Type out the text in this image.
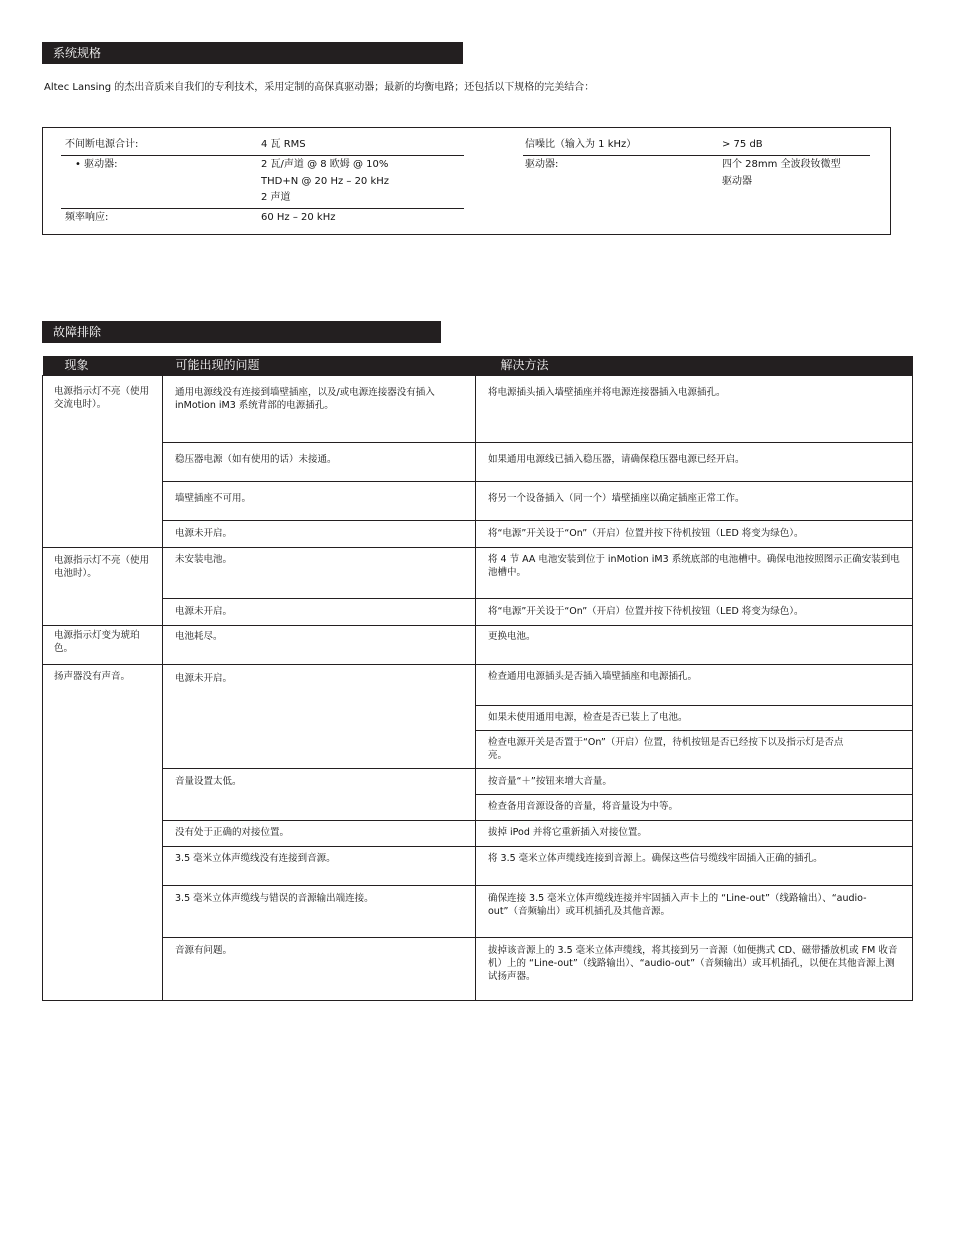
系统规格
Altec Lansing 的杰出音质来自我们的专利技术，采用定制的高保真驱动器；最新的均衡电路；还包括以下规格的完美结合：
不间断电源合计:	4 瓦 RMS
• 驱动器:	2 瓦/声道 @ 8 欧姆 @ 10%
THD+N @ 20 Hz – 20 kHz
2 声道
频率响应:	60 Hz – 20 kHz
信噪比（输入为 1 kHz）	> 75 dB
驱动器:	四个 28mm 全波段钕微型
驱动器
故障排除
现象	可能出现的问题	解决方法
电源指示灯不亮（使用交流电时）。	通用电源线没有连接到墙壁插座，以及/或电源连接器没有插入 inMotion iM3 系统背部的电源插孔。	将电源插头插入墙壁插座并将电源连接器插入电源插孔。
	稳压器电源（如有使用的话）未接通。	如果通用电源线已插入稳压器，请确保稳压器电源已经开启。
	墙壁插座不可用。	将另一个设备插入（同一个）墙壁插座以确定插座正常工作。
	电源未开启。	将“电源”开关设于“On”（开启）位置并按下待机按钮（LED 将变为绿色）。
电源指示灯不亮（使用电池时）。	未安装电池。	将 4 节 AA 电池安装到位于 inMotion iM3 系统底部的电池槽中。确保电池按照图示正确安装到电池槽中。
	电源未开启。	将“电源”开关设于“On”（开启）位置并按下待机按钮（LED 将变为绿色）。
电源指示灯变为琥珀色。	电池耗尽。	更换电池。
扬声器没有声音。	电源未开启。	检查通用电源插头是否插入墙壁插座和电源插孔。
		如果未使用通用电源，检查是否已装上了电池。
		检查电源开关是否置于“On”（开启）位置，待机按钮是否已经按下以及指示灯是否点亮。
	音量设置太低。	按音量“＋”按钮来增大音量。
		检查备用音源设备的音量，将音量设为中等。
	没有处于正确的对接位置。	拔掉 iPod 并将它重新插入对接位置。
	3.5 毫米立体声缆线没有连接到音源。	将 3.5 毫米立体声缆线连接到音源上。确保这些信号缆线牢固插入正确的插孔。
	3.5 毫米立体声缆线与错误的音源输出端连接。	确保连接 3.5 毫米立体声缆线连接并牢固插入声卡上的 “Line-out”（线路输出）、“audio-out”（音频输出）或耳机插孔及其他音源。
	音源有问题。	拔掉该音源上的 3.5 毫米立体声缆线，将其接到另一音源（如便携式 CD、磁带播放机或 FM 收音机）上的 “Line-out”（线路输出）、“audio-out”（音频输出）或耳机插孔，以便在其他音源上测试扬声器。
